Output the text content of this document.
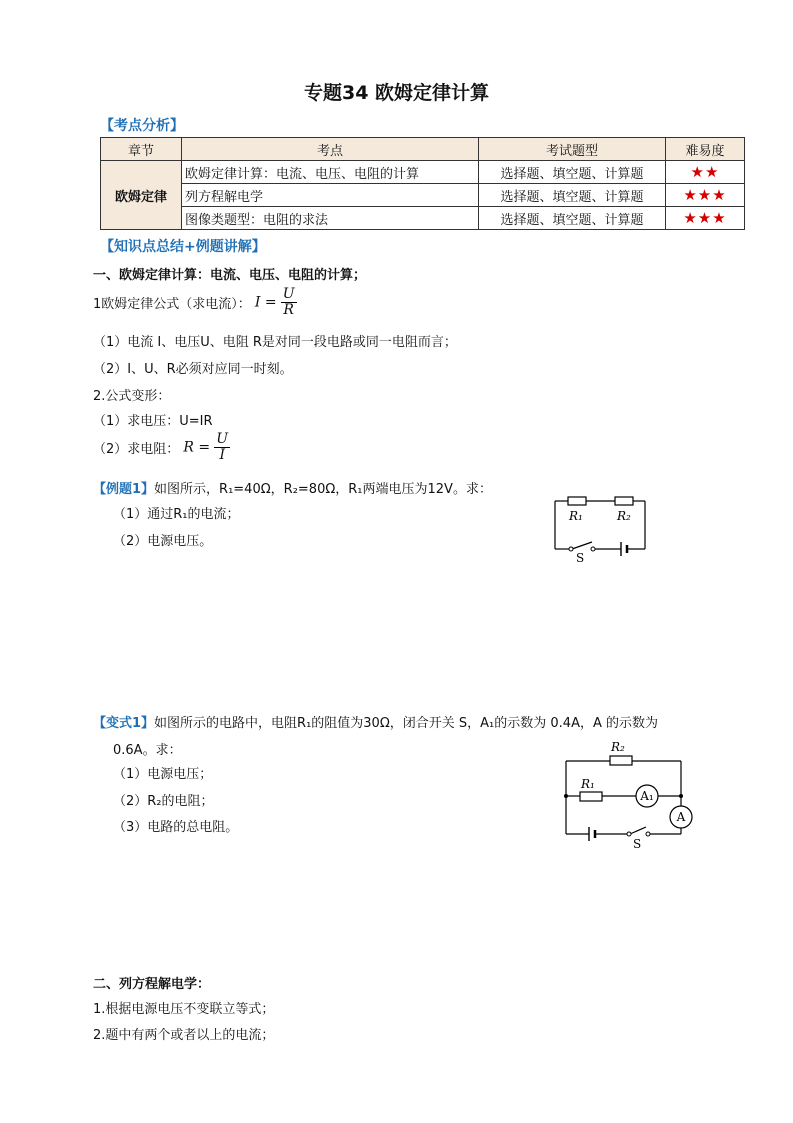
专题34 欧姆定律计算
【考点分析】
章节	考点	考试题型	难易度
欧姆定律	欧姆定律计算：电流、电压、电阻的计算	选择题、填空题、计算题	★★
	列方程解电学	选择题、填空题、计算题	★★★
	图像类题型：电阻的求法	选择题、填空题、计算题	★★★
【知识点总结+例题讲解】
一、欧姆定律计算：电流、电压、电阻的计算；
1欧姆定律公式（求电流）： $I = \frac{U}{R}$
（1）电流 I、电压U、电阻 R是对同一段电路或同一电阻而言；
（2）I、U、R必须对应同一时刻。
2.公式变形：
（1）求电压：U=IR
（2）求电阻： $R = \frac{U}{I}$
【例题1】如图所示，R₁=40Ω，R₂=80Ω，R₁两端电压为12V。求：
（1）通过R₁的电流；
（2）电源电压。
R₁	R₂
S
【变式1】如图所示的电路中，电阻R₁的阻值为30Ω，闭合开关 S，A₁的示数为 0.4A，A 的示数为
0.6A。求：
（1）电源电压；
（2）R₂的电阻；
（3）电路的总电阻。
R₂
R₁
A₁
A
S
二、列方程解电学：
1.根据电源电压不变联立等式；
2.题中有两个或者以上的电流；
